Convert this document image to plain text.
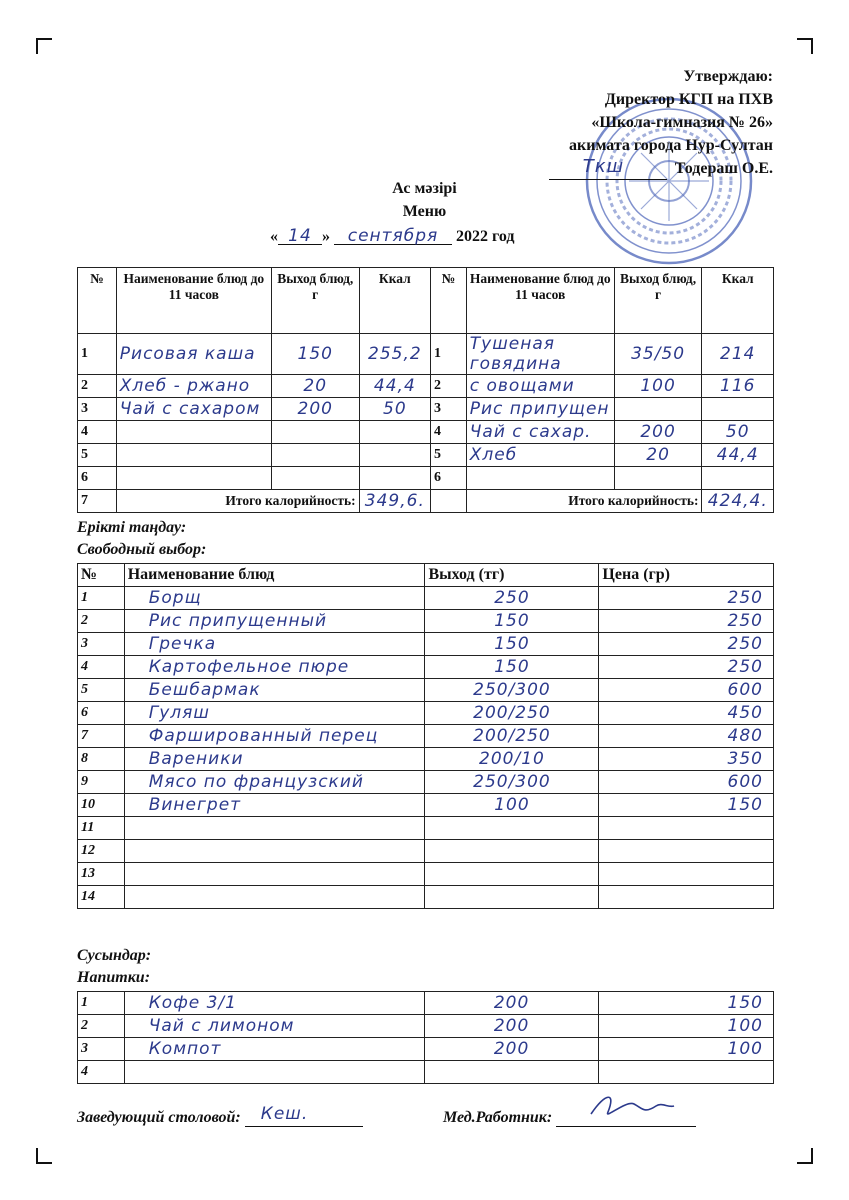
Утверждаю:
Директор КГП на ПХВ
«Школа-гимназия № 26»
акимата города Нур-Султан
Ткш	Тодераш О.Е.
Ас мәзірі
Меню
« 14 » сентября 2022 год
№	Наименование блюд до 11 часов	Выход блюд, г	Ккал	№	Наименование блюд до 11 часов	Выход блюд, г	Ккал
1	Рисовая каша	150	255,2	1	Тушеная говядина	35/50	214
2	Хлеб - ржано	20	44,4	2	с овощами	100	116
3	Чай с сахаром	200	50	3	Рис припущен		
4				4	Чай с сахар.	200	50
5				5	Хлеб	20	44,4
6				6			
7	Итого калорийность:		349,6.		Итого калорийность:		424,4.
Ерікті таңдау:
Свободный выбор:
№	Наименование блюд	Выход (тг)	Цена (гр)
1	Борщ	250	250
2	Рис припущенный	150	250
3	Гречка	150	250
4	Картофельное пюре	150	250
5	Бешбармак	250/300	600
6	Гуляш	200/250	450
7	Фаршированный перец	200/250	480
8	Вареники	200/10	350
9	Мясо по французский	250/300	600
10	Винегрет	100	150
11			
12			
13			
14			
Сусындар:
Напитки:
1	Кофе 3/1	200	150
2	Чай с лимоном	200	100
3	Компот	200	100
4			
Заведующий столовой: Кеш.	Мед.Работник:
